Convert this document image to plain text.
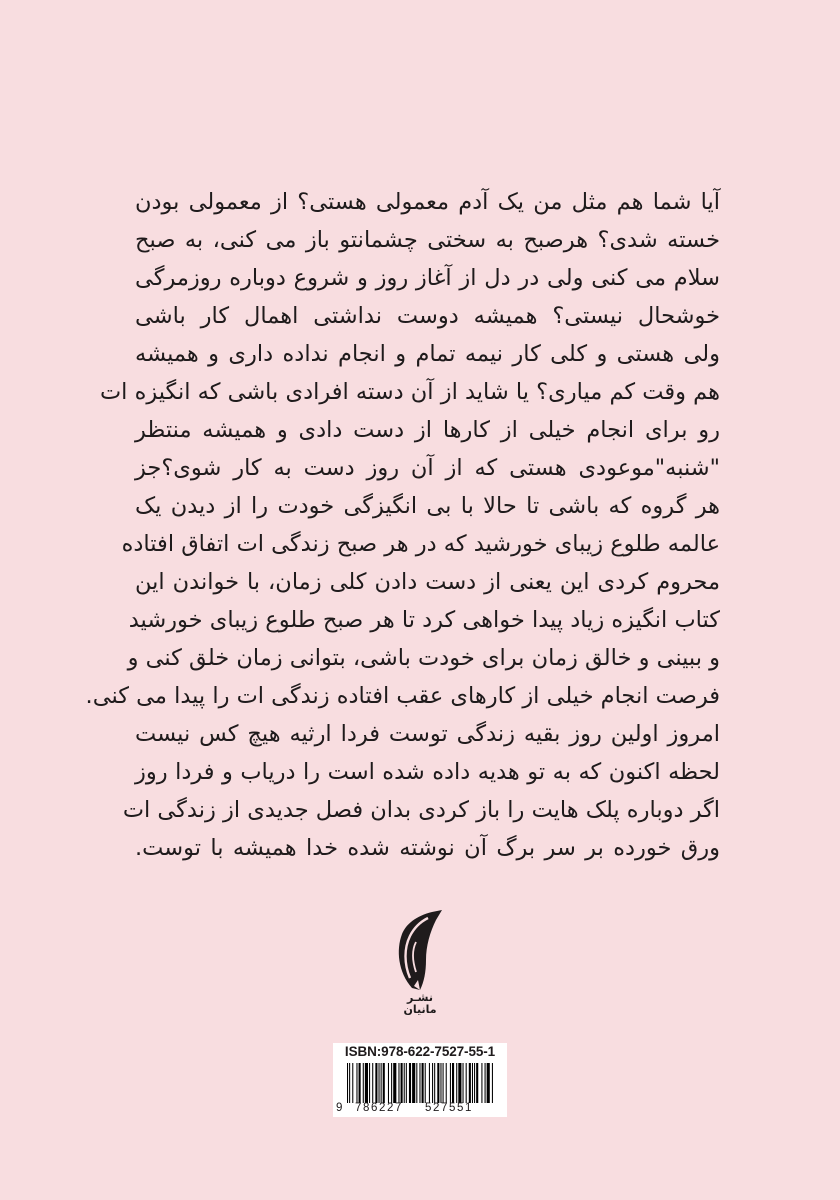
آیا شما هم مثل من یک آدم معمولی هستی؟ از معمولی بودن
خسته شدی؟ هرصبح به سختی چشمانتو باز می کنی، به صبح
سلام می کنی ولی در دل از آغاز روز و شروع دوباره روزمرگی
خوشحال نیستی؟ همیشه دوست نداشتی اهمال کار باشی
ولی هستی و کلی کار نیمه تمام و انجام نداده داری و همیشه
هم وقت کم میاری؟ یا شاید از آن دسته افرادی باشی که انگیزه ات
رو برای انجام خیلی از کارها از دست دادی و همیشه منتظر
"شنبه"موعودی هستی که از آن روز دست به کار شوی؟جز
هر گروه که باشی تا حالا با بی انگیزگی خودت را از دیدن یک
عالمه طلوع زیبای خورشید که در هر صبح زندگی ات اتفاق افتاده
محروم کردی این یعنی از دست دادن کلی زمان، با خواندن این
کتاب انگیزه زیاد پیدا خواهی کرد تا هر صبح طلوع زیبای خورشید
و ببینی و خالق زمان برای خودت باشی، بتوانی زمان خلق کنی و
فرصت انجام خیلی از کارهای عقب افتاده زندگی ات را پیدا می کنی.
امروز اولین روز بقیه زندگی توست فردا ارثیه هیچ کس نیست
لحظه اکنون که به تو هدیه داده شده است را دریاب و فردا روز
اگر دوباره پلک هایت را باز کردی بدان فصل جدیدی از زندگی ات
ورق خورده بر سر برگ آن نوشته شده خدا همیشه با توست.
نشـر
مانیان
ISBN:978-622-7527-55-1
9 786227 527551
